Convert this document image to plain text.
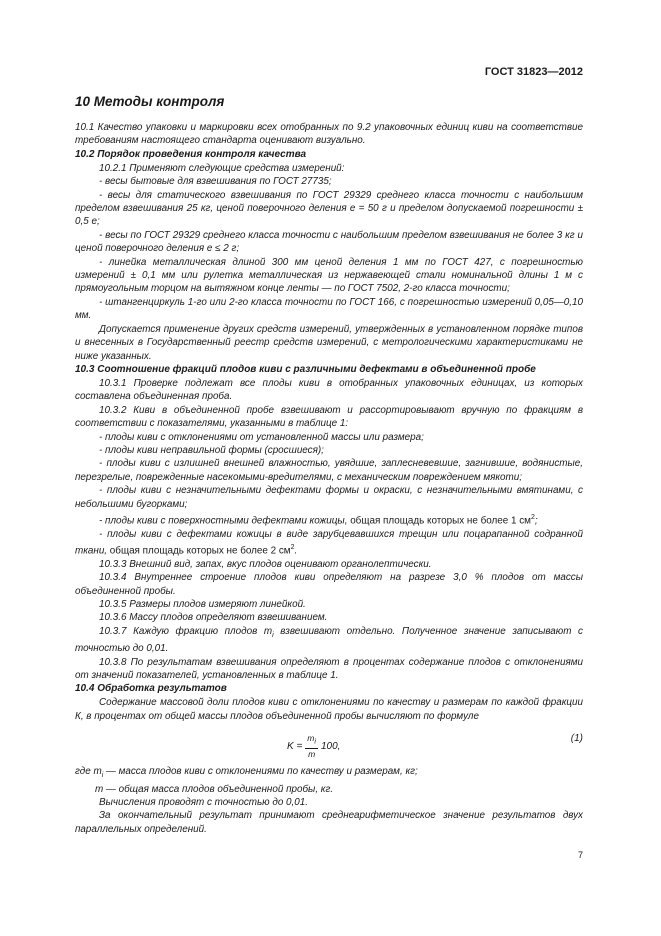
ГОСТ 31823—2012
10 Методы контроля

10.1 Качество упаковки и маркировки всех отобранных по 9.2 упаковочных единиц киви на соответствие требованиям настоящего стандарта оценивают визуально.

10.2 Порядок проведения контроля качества

10.2.1 Применяют следующие средства измерений:

- весы бытовые для взвешивания по ГОСТ 27735;

- весы для статического взвешивания по ГОСТ 29329 среднего класса точности с наибольшим пределом взвешивания 25 кг, ценой поверочного деления е = 50 г и пределом допускаемой погрешности ± 0,5 е;

- весы по ГОСТ 29329 среднего класса точности с наибольшим пределом взвешивания не более 3 кг и ценой поверочного деления е ≤ 2 г;

- линейка металлическая длиной 300 мм ценой деления 1 мм по ГОСТ 427, с погрешностью измерений ± 0,1 мм или рулетка металлическая из нержавеющей стали номинальной длины 1 м с прямоугольным торцом на вытяжном конце ленты — по ГОСТ 7502, 2-го класса точности;

- штангенциркуль 1-го или 2-го класса точности по ГОСТ 166, с погрешностью измерений 0,05—0,10 мм.

Допускается применение других средств измерений, утвержденных в установленном порядке типов и внесенных в Государственный реестр средств измерений, с метрологическими характеристиками не ниже указанных.

10.3 Соотношение фракций плодов киви с различными дефектами в объединенной пробе

10.3.1 Проверке подлежат все плоды киви в отобранных упаковочных единицах, из которых составлена объединенная проба.

10.3.2 Киви в объединенной пробе взвешивают и рассортировывают вручную по фракциям в соответствии с показателями, указанными в таблице 1:

- плоды киви с отклонениями от установленной массы или размера;

- плоды киви неправильной формы (сросшиеся);

- плоды киви с излишней внешней влажностью, увядшие, заплесневевшие, загнившие, водянистые, перезрелые, поврежденные насекомыми-вредителями, с механическим повреждением мякоти;

- плоды киви с незначительными дефектами формы и окраски, с незначительными вмятинами, с небольшими бугорками;

- плоды киви с поверхностными дефектами кожицы, общая площадь которых не более 1 $см^2$;

- плоды киви с дефектами кожицы в виде зарубцевавшихся трещин или поцарапанной содранной ткани, общая площадь которых не более 2 $см^2$.

10.3.3 Внешний вид, запах, вкус плодов оценивают органолептически.

10.3.4 Внутреннее строение плодов киви определяют на разрезе 3,0 % плодов от массы объединенной пробы.

10.3.5 Размеры плодов измеряют линейкой.

10.3.6 Массу плодов определяют взвешиванием.

10.3.7 Каждую фракцию плодов $m_i$ взвешивают отдельно. Полученное значение записывают с точностью до 0,01.

10.3.8 По результатам взвешивания определяют в процентах содержание плодов с отклонениями от значений показателей, установленных в таблице 1.

10.4 Обработка результатов

Содержание массовой доли плодов киви с отклонениями по качеству и размерам по каждой фракции К, в процентах от общей массы плодов объединенной пробы вычисляют по формуле

$K = \frac{m_i}{m} 100$,
(1)

где $m_i$ — масса плодов киви с отклонениями по качеству и размерам, кг;

m — общая масса плодов объединенной пробы, кг.

Вычисления проводят с точностью до 0,01.

За окончательный результат принимают среднеарифметическое значение результатов двух параллельных определений.

7
